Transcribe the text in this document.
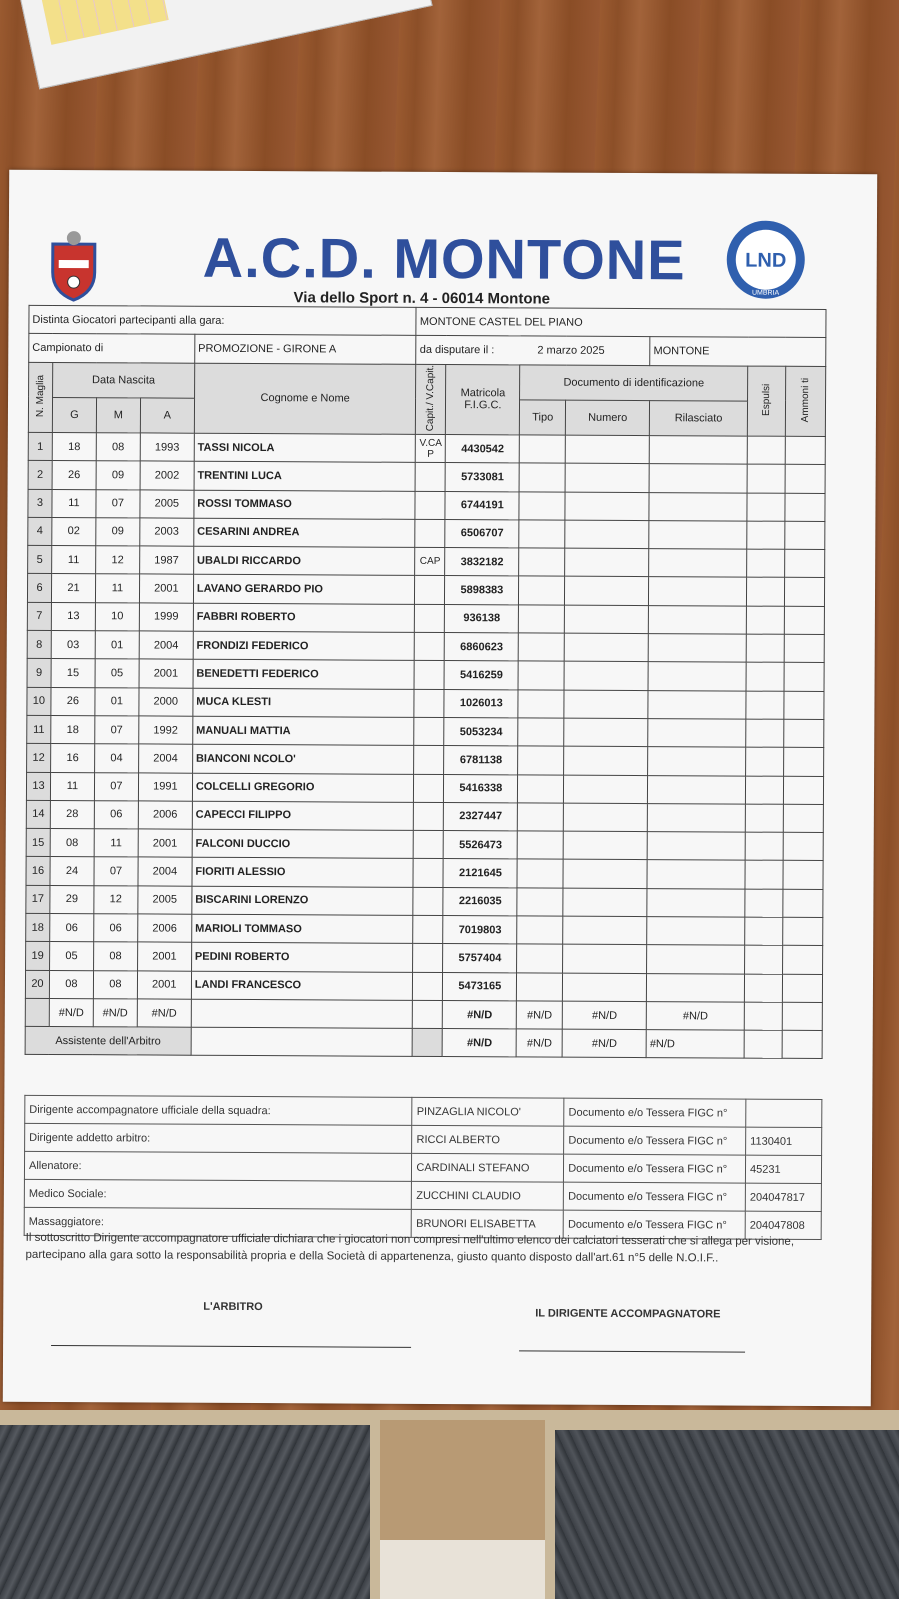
A.C.D. MONTONE
Via dello Sport n. 4 - 06014 Montone
LND
UMBRIA
Distinta Giocatori partecipanti alla gara:					MONTONE CASTEL DEL PIANO						
Campionato di				PROMOZIONE - GIRONE A	da disputare il : 2 marzo 2025				MONTONE		
N. Maglia	Data Nascita			Cognome e Nome	Capit./ V.Capit.	Matricola F.I.G.C.	Documento di identificazione			Espulsi	Ammoni ti
	G	M	A				Tipo	Numero	Rilasciato		
1	18	08	1993	TASSI NICOLA	V.CA P	4430542					
2	26	09	2002	TRENTINI LUCA		5733081					
3	11	07	2005	ROSSI TOMMASO		6744191					
4	02	09	2003	CESARINI ANDREA		6506707					
5	11	12	1987	UBALDI RICCARDO	CAP	3832182					
6	21	11	2001	LAVANO GERARDO PIO		5898383					
7	13	10	1999	FABBRI ROBERTO		936138					
8	03	01	2004	FRONDIZI FEDERICO		6860623					
9	15	05	2001	BENEDETTI FEDERICO		5416259					
10	26	01	2000	MUCA KLESTI		1026013					
11	18	07	1992	MANUALI MATTIA		5053234					
12	16	04	2004	BIANCONI NCOLO'		6781138					
13	11	07	1991	COLCELLI GREGORIO		5416338					
14	28	06	2006	CAPECCI FILIPPO		2327447					
15	08	11	2001	FALCONI DUCCIO		5526473					
16	24	07	2004	FIORITI ALESSIO		2121645					
17	29	12	2005	BISCARINI LORENZO		2216035					
18	06	06	2006	MARIOLI TOMMASO		7019803					
19	05	08	2001	PEDINI ROBERTO		5757404					
20	08	08	2001	LANDI FRANCESCO		5473165					
	#N/D	#N/D	#N/D			#N/D	#N/D	#N/D	#N/D		
Assistente dell'Arbitro						#N/D	#N/D	#N/D	#N/D		
Dirigente accompagnatore ufficiale della squadra:	PINZAGLIA NICOLO'	Documento e/o Tessera FIGC n°	
Dirigente addetto arbitro:	RICCI ALBERTO	Documento e/o Tessera FIGC n°	1130401
Allenatore:	CARDINALI STEFANO	Documento e/o Tessera FIGC n°	45231
Medico Sociale:	ZUCCHINI CLAUDIO	Documento e/o Tessera FIGC n°	204047817
Massaggiatore:	BRUNORI ELISABETTA	Documento e/o Tessera FIGC n°	204047808
Il sottoscritto Dirigente accompagnatore ufficiale dichiara che i giocatori non compresi nell'ultimo elenco dei calciatori tesserati che si allega per visione, partecipano alla gara sotto la responsabilità propria e della Società di appartenenza, giusto quanto disposto dall'art.61 n°5 delle N.O.I.F..
L'ARBITRO
IL DIRIGENTE ACCOMPAGNATORE
